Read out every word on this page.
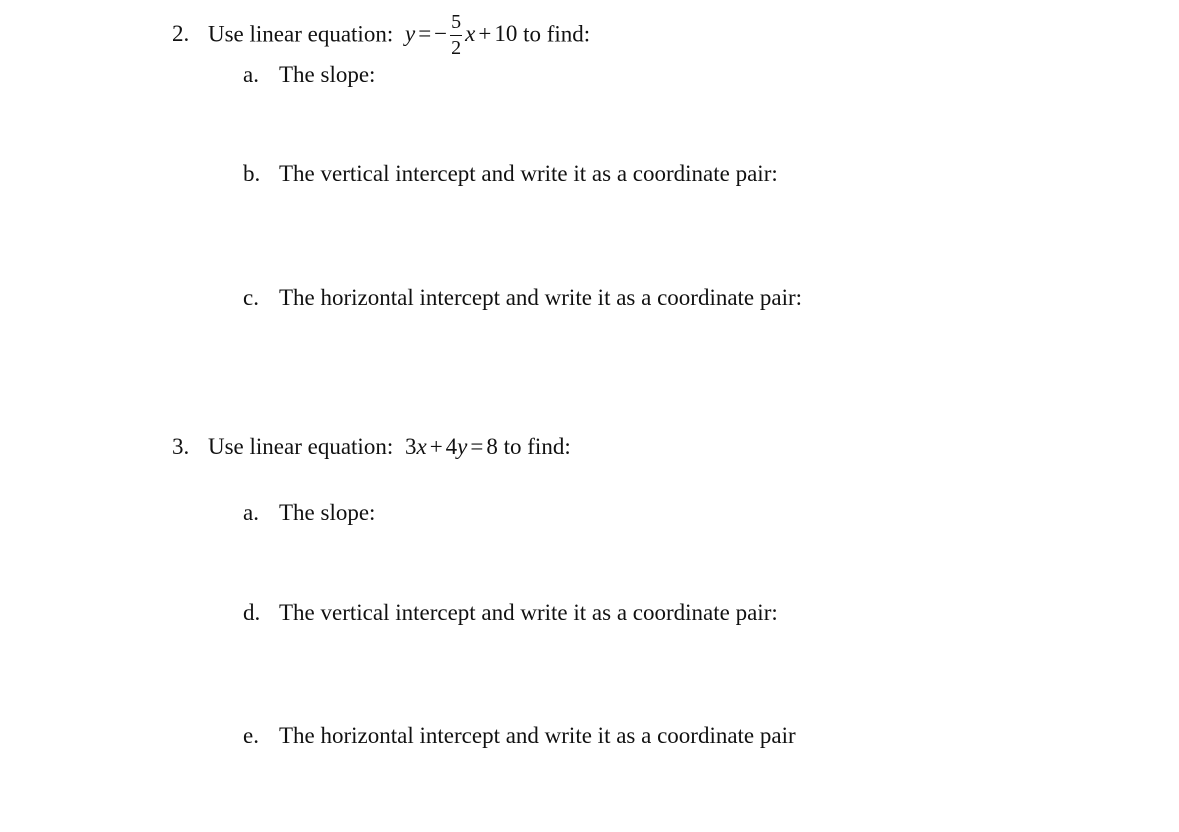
2. Use linear equation: y = − $\frac{5}{2}$ x + 10 to find:
a. The slope:
b. The vertical intercept and write it as a coordinate pair:
c. The horizontal intercept and write it as a coordinate pair:
3. Use linear equation: 3x + 4y = 8 to find:
a. The slope:
d. The vertical intercept and write it as a coordinate pair:
e. The horizontal intercept and write it as a coordinate pair
